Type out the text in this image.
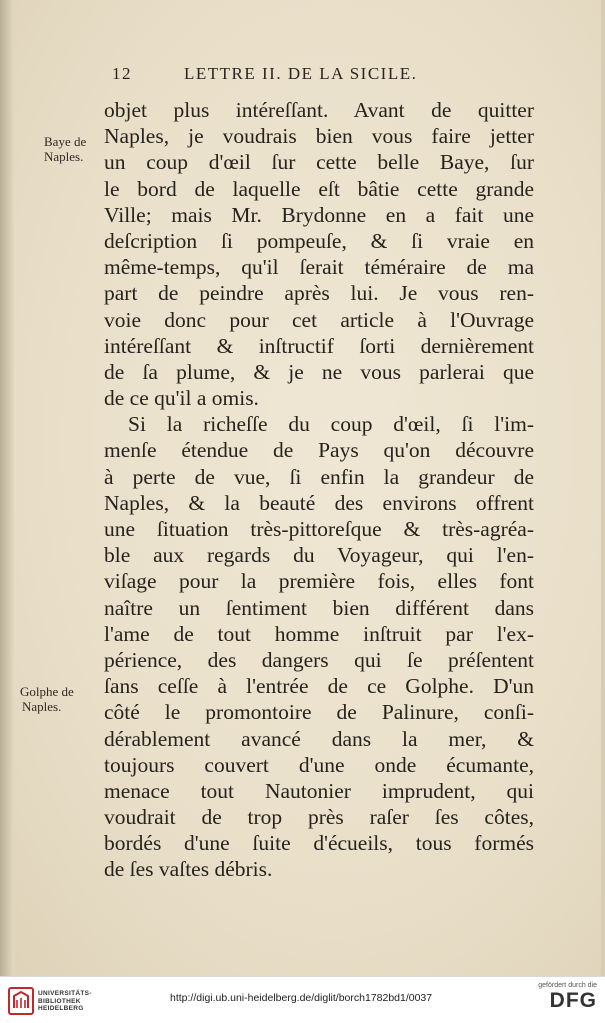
12	LETTRE II. DE LA SICILE.
Baye de
Naples.
Golphe de
Naples.
objet plus intéreſſant. Avant de quitter
Naples, je voudrais bien vous faire jetter
un coup d'œil ſur cette belle Baye, ſur
le bord de laquelle eſt bâtie cette grande
Ville; mais Mr. Brydonne en a fait une
deſcription ſi pompeuſe, & ſi vraie en
même-temps, qu'il ſerait téméraire de ma
part de peindre après lui. Je vous ren-
voie donc pour cet article à l'Ouvrage
intéreſſant & inſtructif ſorti dernièrement
de ſa plume, & je ne vous parlerai que
de ce qu'il a omis.
Si la richeſſe du coup d'œil, ſi l'im-
menſe étendue de Pays qu'on découvre
à perte de vue, ſi enfin la grandeur de
Naples, & la beauté des environs offrent
une ſituation très-pittoreſque & très-agréa-
ble aux regards du Voyageur, qui l'en-
viſage pour la première fois, elles font
naître un ſentiment bien différent dans
l'ame de tout homme inſtruit par l'ex-
périence, des dangers qui ſe préſentent
ſans ceſſe à l'entrée de ce Golphe. D'un
côté le promontoire de Palinure, conſi-
dérablement avancé dans la mer, &
toujours couvert d'une onde écumante,
menace tout Nautonier imprudent, qui
voudrait de trop près raſer ſes côtes,
bordés d'une ſuite d'écueils, tous formés
de ſes vaſtes débris.
UNIVERSITÄTS-
BIBLIOTHEK
HEIDELBERG
http://digi.ub.uni-heidelberg.de/diglit/borch1782bd1/0037
gefördert durch die
DFG
